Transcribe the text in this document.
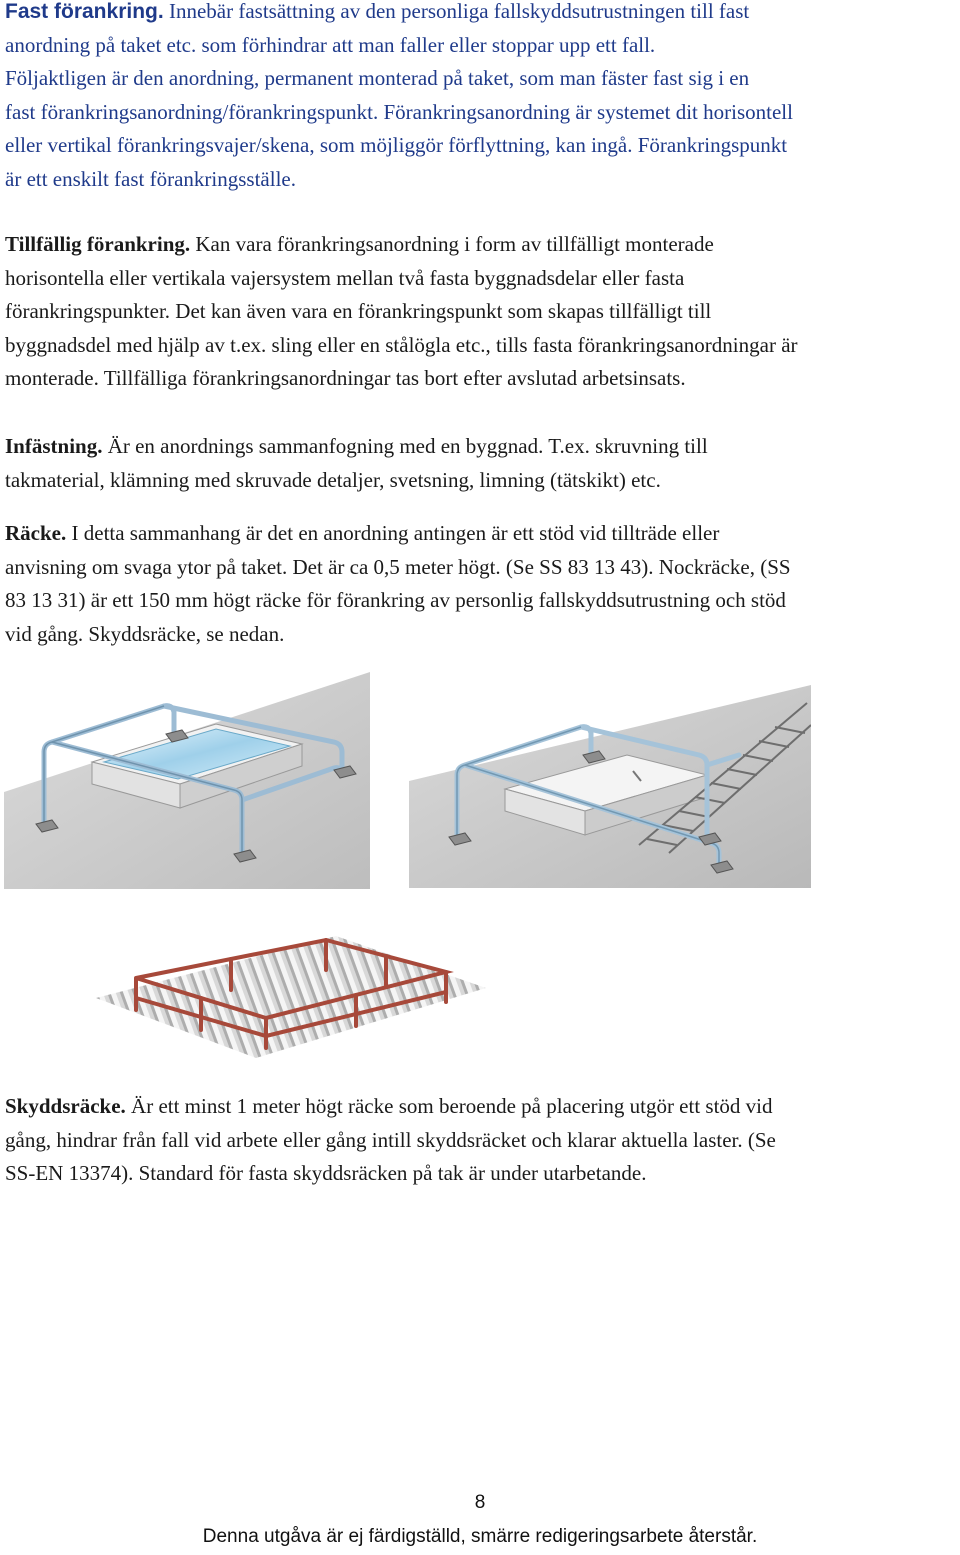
Fast förankring. Innebär fastsättning av den personliga fallskyddsutrustningen till fast
anordning på taket etc. som förhindrar att man faller eller stoppar upp ett fall.
Följaktligen är den anordning, permanent monterad på taket, som man fäster fast sig i en
fast förankringsanordning/förankringspunkt. Förankringsanordning är systemet dit horisontell
eller vertikal förankringsvajer/skena, som möjliggör förflyttning, kan ingå. Förankringspunkt
är ett enskilt fast förankringsställe.
Tillfällig förankring. Kan vara förankringsanordning i form av tillfälligt monterade
horisontella eller vertikala vajersystem mellan två fasta byggnadsdelar eller fasta
förankringspunkter. Det kan även vara en förankringspunkt som skapas tillfälligt till
byggnadsdel med hjälp av t.ex. sling eller en stålögla etc., tills fasta förankringsanordningar är
monterade. Tillfälliga förankringsanordningar tas bort efter avslutad arbetsinsats.
Infästning. Är en anordnings sammanfogning med en byggnad. T.ex. skruvning till
takmaterial, klämning med skruvade detaljer, svetsning, limning (tätskikt) etc.
Räcke. I detta sammanhang är det en anordning antingen är ett stöd vid tillträde eller
anvisning om svaga ytor på taket. Det är ca 0,5 meter högt. (Se SS 83 13 43). Nockräcke, (SS
83 13 31) är ett 150 mm högt räcke för förankring av personlig fallskyddsutrustning och stöd
vid gång. Skyddsräcke, se nedan.
Skyddsräcke. Är ett minst 1 meter högt räcke som beroende på placering utgör ett stöd vid
gång, hindrar från fall vid arbete eller gång intill skyddsräcket och klarar aktuella laster. (Se
SS-EN 13374). Standard för fasta skyddsräcken på tak är under utarbetande.
8
Denna utgåva är ej färdigställd, smärre redigeringsarbete återstår.
